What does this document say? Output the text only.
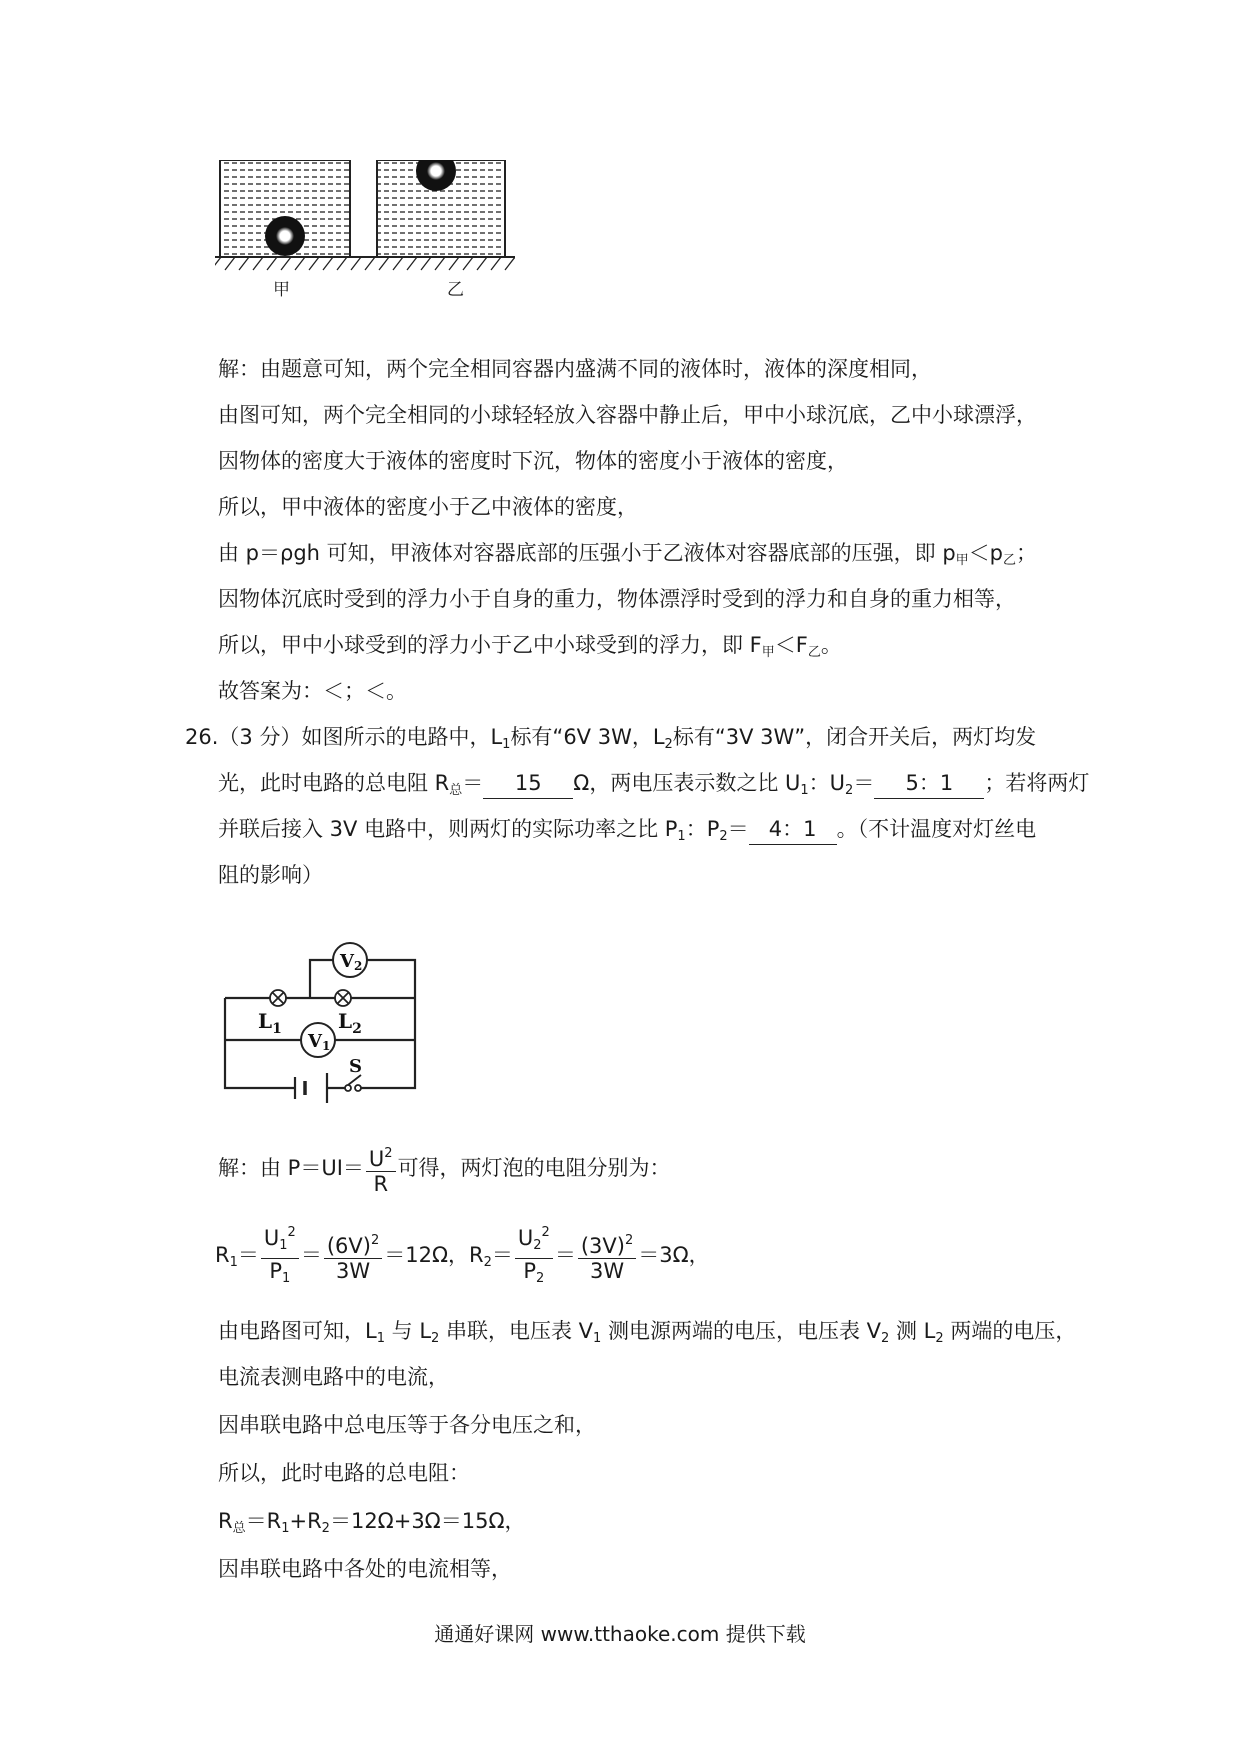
甲	乙
解：由题意可知，两个完全相同容器内盛满不同的液体时，液体的深度相同，
由图可知，两个完全相同的小球轻轻放入容器中静止后，甲中小球沉底，乙中小球漂浮，
因物体的密度大于液体的密度时下沉，物体的密度小于液体的密度，
所以，甲中液体的密度小于乙中液体的密度，
由 p＝ρgh 可知，甲液体对容器底部的压强小于乙液体对容器底部的压强，即 $p_甲<p_乙$；
因物体沉底时受到的浮力小于自身的重力，物体漂浮时受到的浮力和自身的重力相等，
所以，甲中小球受到的浮力小于乙中小球受到的浮力，即 $F_甲<F_乙$。
故答案为：＜；＜。
26.（3 分）如图所示的电路中，$L_1$标有“6V 3W，$L_2$标有“3V 3W”，闭合开关后，两灯均发
光，此时电路的总电阻 $R_总= 15$ Ω，两电压表示数之比 $U_1$：$U_2= 5$：1 ；若将两灯
并联后接入 3V 电路中，则两灯的实际功率之比 $P_1$：$P_2= 4$：1 。（不计温度对灯丝电
阻的影响）
V2
V1
$L_1$	$L_2$
S
解：由 $P=UI= \frac{U^2}{R}$ 可得，两灯泡的电阻分别为：
$R_1= \frac{U_1^2}{P_1} = \frac{(6V)^2}{3W} =12\Omega$，$R_2= \frac{U_2^2}{P_2} = \frac{(3V)^2}{3W} =3\Omega$，
由电路图可知，$L_1$ 与 $L_2$ 串联，电压表 $V_1$ 测电源两端的电压，电压表 $V_2$ 测 $L_2$ 两端的电压，
电流表测电路中的电流，
因串联电路中总电压等于各分电压之和，
所以，此时电路的总电阻：
$R_总=R_1+R_2=12\Omega+3\Omega=15\Omega$，
因串联电路中各处的电流相等，
通通好课网 www.tthaoke.com 提供下载
